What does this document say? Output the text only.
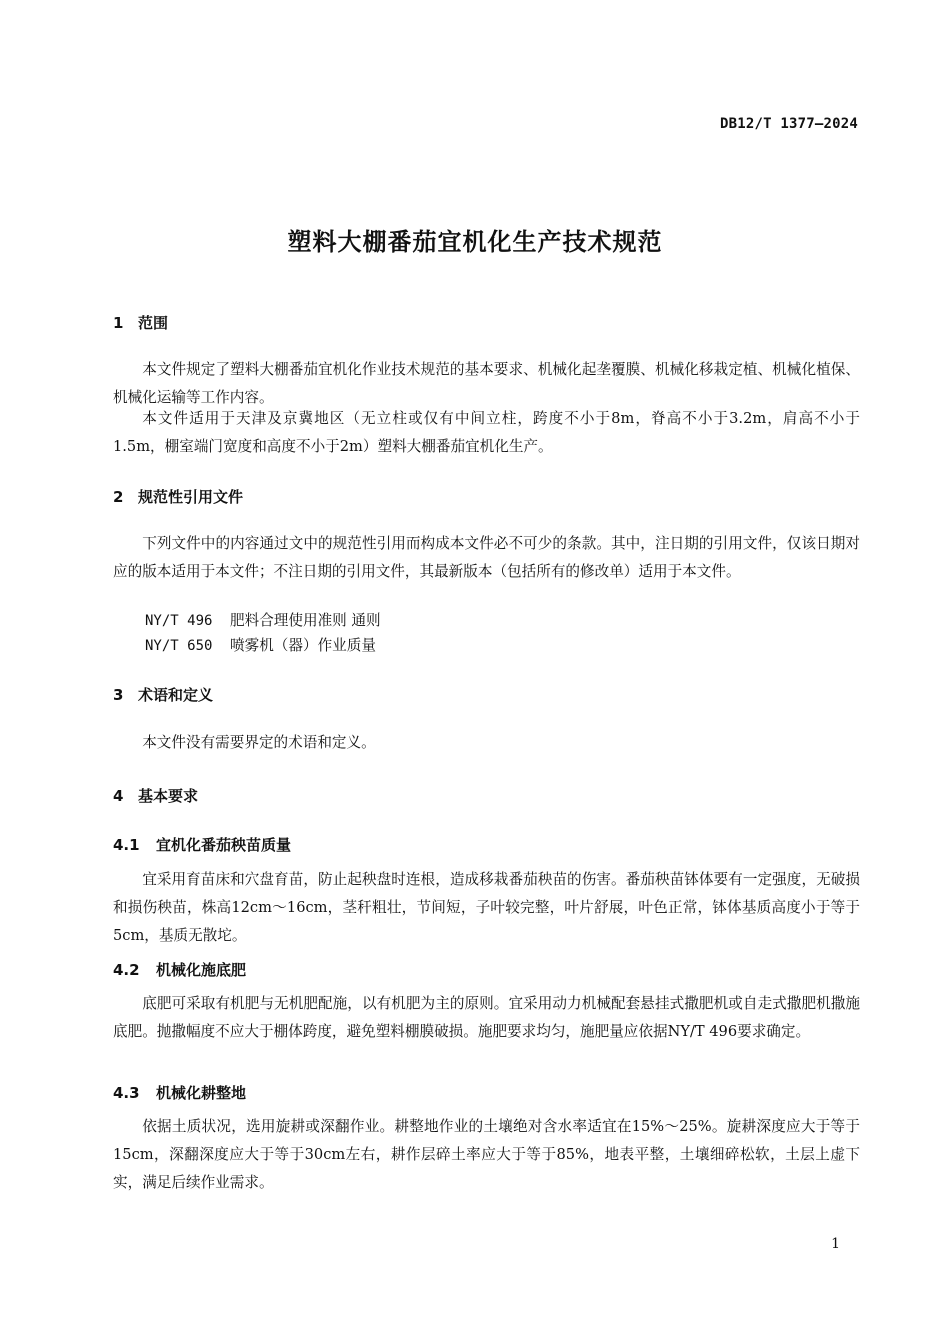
DB12/T 1377—2024
塑料大棚番茄宜机化生产技术规范
1 范围
本文件规定了塑料大棚番茄宜机化作业技术规范的基本要求、机械化起垄覆膜、机械化移栽定植、机械化植保、机械化运输等工作内容。
本文件适用于天津及京冀地区（无立柱或仅有中间立柱，跨度不小于8m，脊高不小于3.2m，肩高不小于1.5m，棚室端门宽度和高度不小于2m）塑料大棚番茄宜机化生产。
2 规范性引用文件
下列文件中的内容通过文中的规范性引用而构成本文件必不可少的条款。其中，注日期的引用文件，仅该日期对应的版本适用于本文件；不注日期的引用文件，其最新版本（包括所有的修改单）适用于本文件。
NY/T 496 肥料合理使用准则 通则
NY/T 650 喷雾机（器）作业质量
3 术语和定义
本文件没有需要界定的术语和定义。
4 基本要求
4.1 宜机化番茄秧苗质量
宜采用育苗床和穴盘育苗，防止起秧盘时连根，造成移栽番茄秧苗的伤害。番茄秧苗钵体要有一定强度，无破损和损伤秧苗，株高12cm～16cm，茎秆粗壮，节间短，子叶较完整，叶片舒展，叶色正常，钵体基质高度小于等于5cm，基质无散坨。
4.2 机械化施底肥
底肥可采取有机肥与无机肥配施，以有机肥为主的原则。宜采用动力机械配套悬挂式撒肥机或自走式撒肥机撒施底肥。抛撒幅度不应大于棚体跨度，避免塑料棚膜破损。施肥要求均匀，施肥量应依据NY/T 496要求确定。
4.3 机械化耕整地
依据土质状况，选用旋耕或深翻作业。耕整地作业的土壤绝对含水率适宜在15%～25%。旋耕深度应大于等于15cm，深翻深度应大于等于30cm左右，耕作层碎土率应大于等于85%，地表平整，土壤细碎松软，土层上虚下实，满足后续作业需求。
1
